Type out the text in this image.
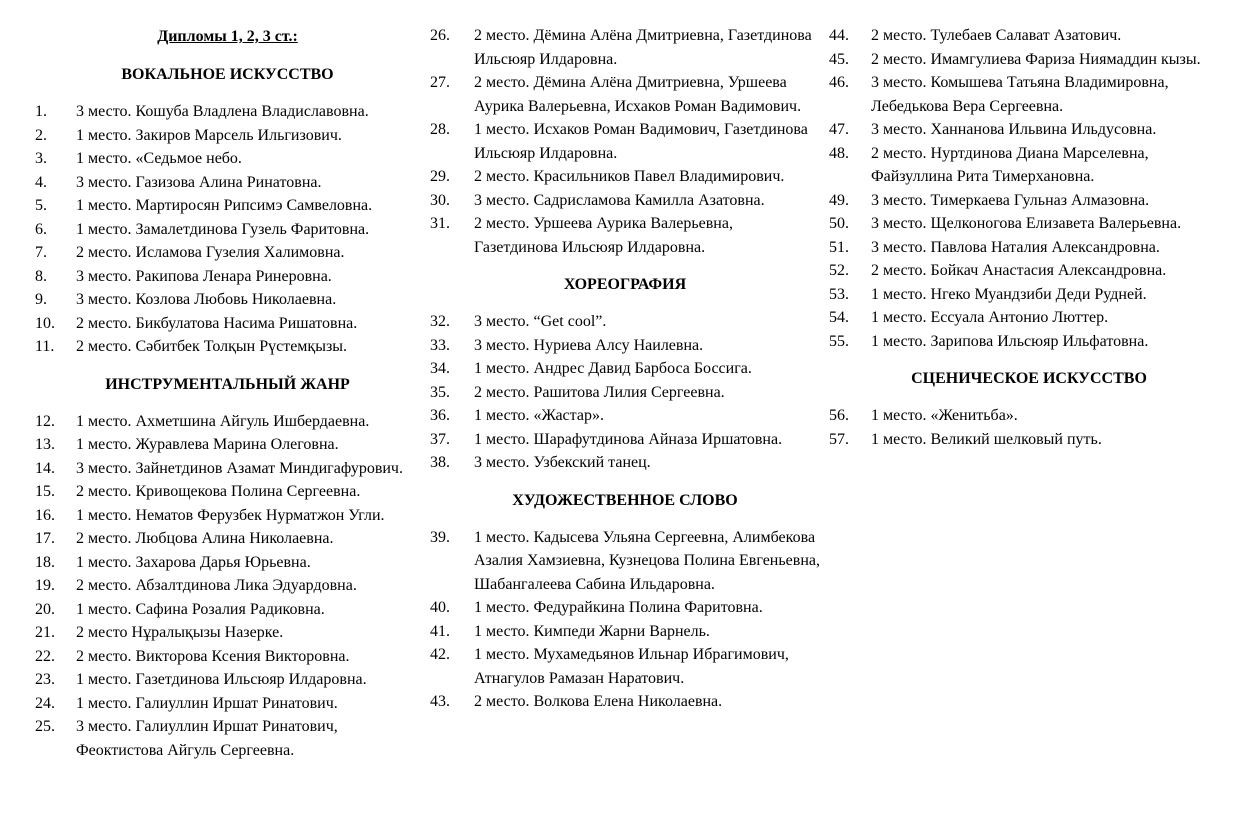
Дипломы 1, 2, 3 ст.:
ВОКАЛЬНОЕ ИСКУССТВО
1.	3 место. Кошуба Владлена Владиславовна.
2.	1 место. Закиров Марсель Ильгизович.
3.	1 место. «Седьмое небо.
4.	3 место. Газизова Алина Ринатовна.
5.	1 место. Мартиросян Рипсимэ Самвеловна.
6.	1 место. Замалетдинова Гузель Фаритовна.
7.	2 место. Исламова Гузелия Халимовна.
8.	3 место. Ракипова Ленара Ринеровна.
9.	3 место. Козлова Любовь Николаевна.
10.	2 место. Бикбулатова Насима Ришатовна.
11.	2 место. Сәбитбек Толқын Рүстемқызы.
ИНСТРУМЕНТАЛЬНЫЙ ЖАНР
12.	1 место. Ахметшина Айгуль Ишбердаевна.
13.	1 место. Журавлева Марина Олеговна.
14.	3 место. Зайнетдинов Азамат Миндигафурович.
15.	2 место. Кривощекова Полина Сергеевна.
16.	1 место. Нематов Ферузбек Нурматжон Угли.
17.	2 место. Любцова Алина Николаевна.
18.	1 место. Захарова Дарья Юрьевна.
19.	2 место. Абзалтдинова Лика Эдуардовна.
20.	1 место. Сафина Розалия Радиковна.
21.	2 место Нұралықызы Назерке.
22.	2 место. Викторова Ксения Викторовна.
23.	1 место. Газетдинова Ильсюяр Илдаровна.
24.	1 место. Галиуллин Иршат Ринатович.
25.	3 место. Галиуллин Иршат Ринатович, Феоктистова Айгуль Сергеевна.
26.	2 место. Дёмина Алёна Дмитриевна, Газетдинова Ильсюяр Илдаровна.
27.	2 место. Дёмина Алёна Дмитриевна, Уршеева Аурика Валерьевна, Исхаков Роман Вадимович.
28.	1 место. Исхаков Роман Вадимович, Газетдинова Ильсюяр Илдаровна.
29.	2 место. Красильников Павел Владимирович.
30.	3 место. Садрисламова Камилла Азатовна.
31.	2 место. Уршеева Аурика Валерьевна, Газетдинова Ильсюяр Илдаровна.
ХОРЕОГРАФИЯ
32.	3 место. “Get cool”.
33.	3 место. Нуриева Алсу Наилевна.
34.	1 место. Андрес Давид Барбоса Боссига.
35.	2 место. Рашитова Лилия Сергеевна.
36.	1 место. «Жастар».
37.	1 место. Шарафутдинова Айназа Иршатовна.
38.	3 место. Узбекский танец.
ХУДОЖЕСТВЕННОЕ СЛОВО
39.	1 место. Кадысева Ульяна Сергеевна, Алимбекова Азалия Хамзиевна, Кузнецова Полина Евгеньевна, Шабангалеева Сабина Ильдаровна.
40.	1 место. Федурайкина Полина Фаритовна.
41.	1 место. Кимпеди Жарни Варнель.
42.	1 место. Мухамедьянов Ильнар Ибрагимович, Атнагулов Рамазан Наратович.
43.	2 место. Волкова Елена Николаевна.
44.	2 место. Тулебаев Салават Азатович.
45.	2 место. Имамгулиева Фариза Ниямаддин кызы.
46.	3 место. Комышева Татьяна Владимировна, Лебедькова Вера Сергеевна.
47.	3 место. Ханнанова Ильвина Ильдусовна.
48.	2 место. Нуртдинова Диана Марселевна, Файзуллина Рита Тимерхановна.
49.	3 место. Тимеркаева Гульназ Алмазовна.
50.	3 место. Щелконогова Елизавета Валерьевна.
51.	3 место. Павлова Наталия Александровна.
52.	2 место. Бойкач Анастасия Александровна.
53.	1 место. Нгеко Муандзиби Деди Рудней.
54.	1 место. Ессуала Антонио Люттер.
55.	1 место. Зарипова Ильсюяр Ильфатовна.
СЦЕНИЧЕСКОЕ ИСКУССТВО
56.	1 место. «Женитьба».
57.	1 место. Великий шелковый путь.
